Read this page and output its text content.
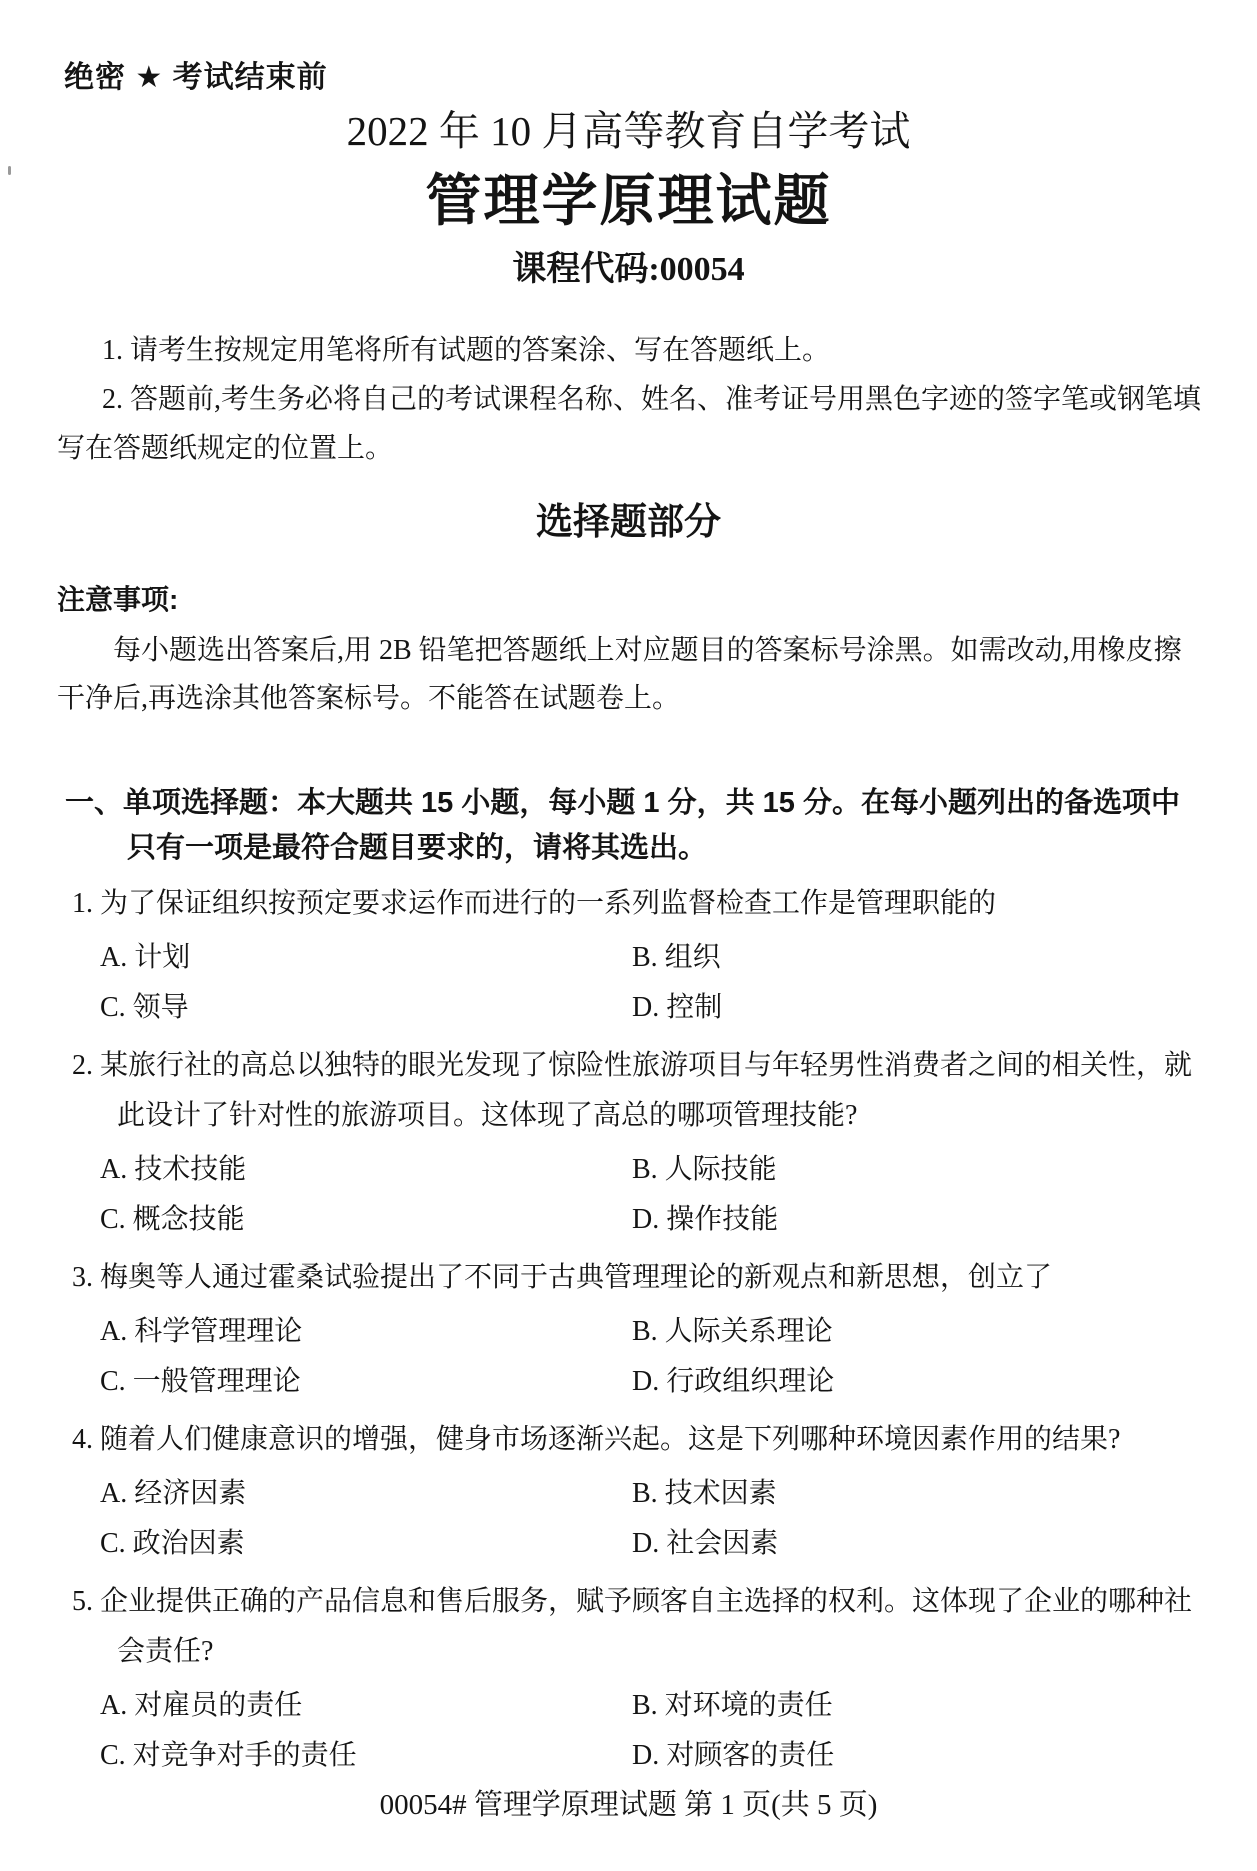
绝密 ★ 考试结束前
2022 年 10 月高等教育自学考试
管理学原理试题
课程代码:00054
1. 请考生按规定用笔将所有试题的答案涂、写在答题纸上。
2. 答题前,考生务必将自己的考试课程名称、姓名、准考证号用黑色字迹的签字笔或钢笔填写在答题纸规定的位置上。
选择题部分
注意事项:
每小题选出答案后,用 2B 铅笔把答题纸上对应题目的答案标号涂黑。如需改动,用橡皮擦干净后,再选涂其他答案标号。不能答在试题卷上。
一、单项选择题：本大题共 15 小题，每小题 1 分，共 15 分。在每小题列出的备选项中只有一项是最符合题目要求的，请将其选出。
1. 为了保证组织按预定要求运作而进行的一系列监督检查工作是管理职能的
A. 计划	B. 组织
C. 领导	D. 控制
2. 某旅行社的高总以独特的眼光发现了惊险性旅游项目与年轻男性消费者之间的相关性，就此设计了针对性的旅游项目。这体现了高总的哪项管理技能?
A. 技术技能	B. 人际技能
C. 概念技能	D. 操作技能
3. 梅奥等人通过霍桑试验提出了不同于古典管理理论的新观点和新思想，创立了
A. 科学管理理论	B. 人际关系理论
C. 一般管理理论	D. 行政组织理论
4. 随着人们健康意识的增强，健身市场逐渐兴起。这是下列哪种环境因素作用的结果?
A. 经济因素	B. 技术因素
C. 政治因素	D. 社会因素
5. 企业提供正确的产品信息和售后服务，赋予顾客自主选择的权利。这体现了企业的哪种社会责任?
A. 对雇员的责任	B. 对环境的责任
C. 对竞争对手的责任	D. 对顾客的责任
00054# 管理学原理试题 第 1 页(共 5 页)
